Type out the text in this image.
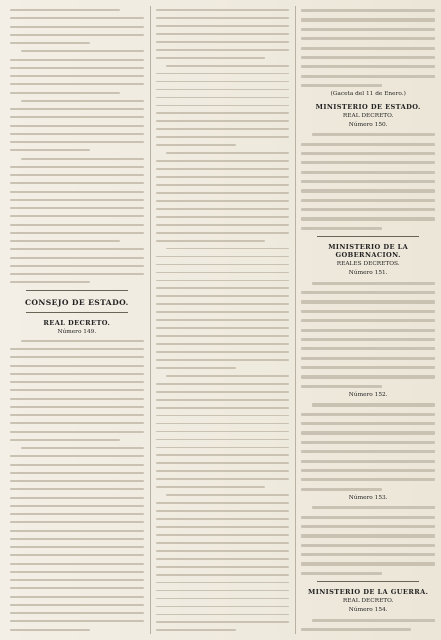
CONSEJO DE ESTADO.
REAL DECRETO.
Número 149.
(Gaceta del 11 de Enero.)
MINISTERIO DE ESTADO.
REAL DECRETO.
Número 150.
MINISTERIO DE LA GOBERNACION.
REALES DECRETOS.
Número 151.
Número 152.
Número 153.
MINISTERIO DE LA GUERRA.
REAL DECRETO.
Número 154.
